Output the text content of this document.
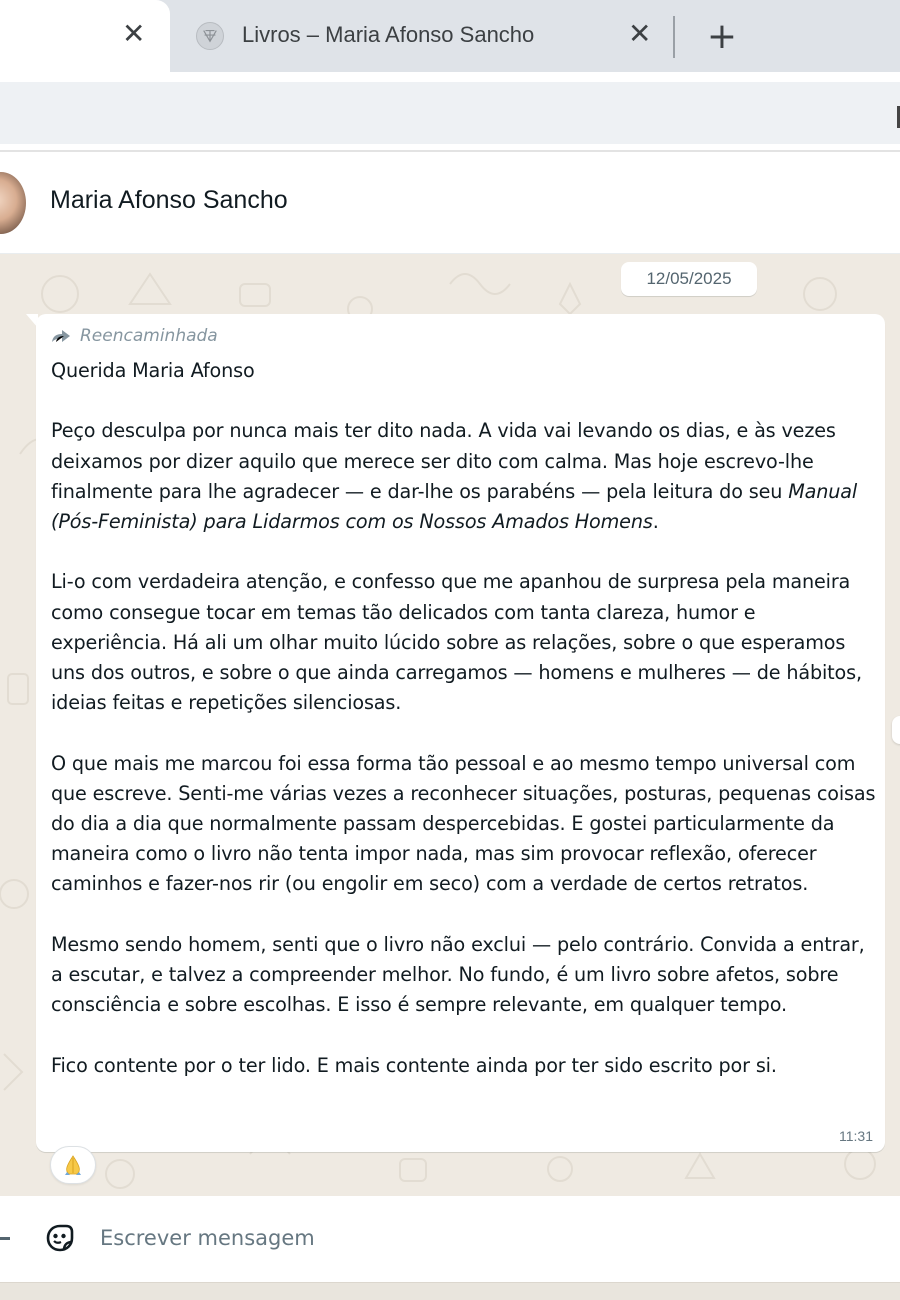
✕	Livros – Maria Afonso Sancho	✕ +
Maria Afonso Sancho
12/05/2025
Reencaminhada

Querida Maria Afonso

Peço desculpa por nunca mais ter dito nada. A vida vai levando os dias, e às vezes deixamos por dizer aquilo que merece ser dito com calma. Mas hoje escrevo-lhe finalmente para lhe agradecer — e dar-lhe os parabéns — pela leitura do seu Manual (Pós-Feminista) para Lidarmos com os Nossos Amados Homens.

Li-o com verdadeira atenção, e confesso que me apanhou de surpresa pela maneira como consegue tocar em temas tão delicados com tanta clareza, humor e experiência. Há ali um olhar muito lúcido sobre as relações, sobre o que esperamos uns dos outros, e sobre o que ainda carregamos — homens e mulheres — de hábitos, ideias feitas e repetições silenciosas.

O que mais me marcou foi essa forma tão pessoal e ao mesmo tempo universal com que escreve. Senti-me várias vezes a reconhecer situações, posturas, pequenas coisas do dia a dia que normalmente passam despercebidas. E gostei particularmente da maneira como o livro não tenta impor nada, mas sim provocar reflexão, oferecer caminhos e fazer-nos rir (ou engolir em seco) com a verdade de certos retratos.

Mesmo sendo homem, senti que o livro não exclui — pelo contrário. Convida a entrar, a escutar, e talvez a compreender melhor. No fundo, é um livro sobre afetos, sobre consciência e sobre escolhas. E isso é sempre relevante, em qualquer tempo.

Fico contente por o ter lido. E mais contente ainda por ter sido escrito por si.

11:31
Escrever mensagem
